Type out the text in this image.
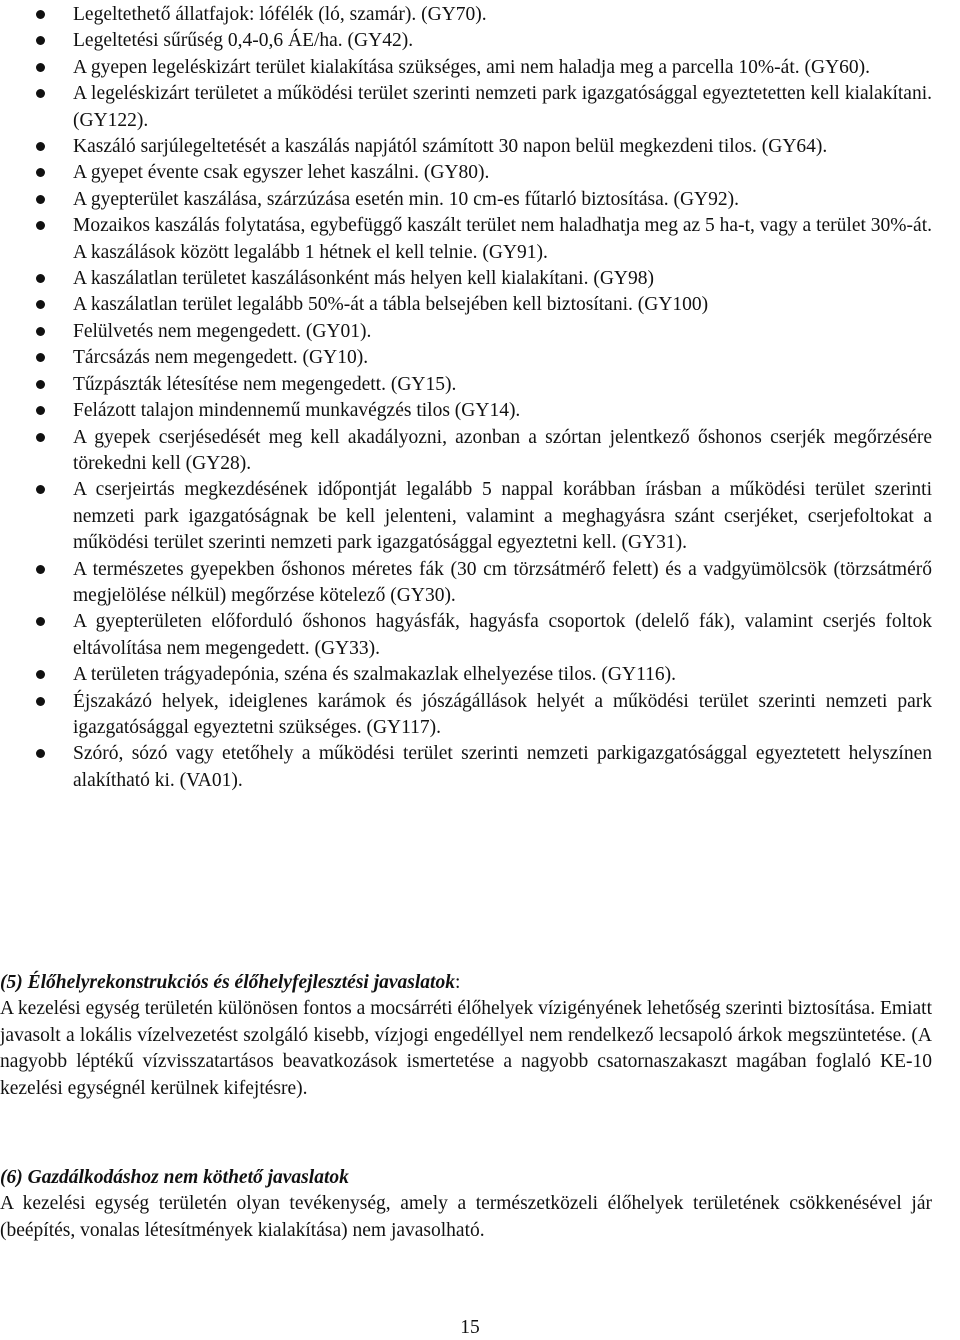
Legeltethető állatfajok: lófélék (ló, szamár). (GY70).
Legeltetési sűrűség 0,4-0,6 ÁE/ha. (GY42).
A gyepen legeléskizárt terület kialakítása szükséges, ami nem haladja meg a parcella 10%-át. (GY60).
A legeléskizárt területet a működési terület szerinti nemzeti park igazgatósággal egyeztetetten kell kialakítani. (GY122).
Kaszáló sarjúlegeltetését a kaszálás napjától számított 30 napon belül megkezdeni tilos. (GY64).
A gyepet évente csak egyszer lehet kaszálni. (GY80).
A gyepterület kaszálása, szárzúzása esetén min. 10 cm-es fűtarló biztosítása. (GY92).
Mozaikos kaszálás folytatása, egybefüggő kaszált terület nem haladhatja meg az 5 ha-t, vagy a terület 30%-át. A kaszálások között legalább 1 hétnek el kell telnie. (GY91).
A kaszálatlan területet kaszálásonként más helyen kell kialakítani. (GY98)
A kaszálatlan terület legalább 50%-át a tábla belsejében kell biztosítani. (GY100)
Felülvetés nem megengedett. (GY01).
Tárcsázás nem megengedett. (GY10).
Tűzpászták létesítése nem megengedett. (GY15).
Felázott talajon mindennemű munkavégzés tilos (GY14).
A gyepek cserjésedését meg kell akadályozni, azonban a szórtan jelentkező őshonos cserjék megőrzésére törekedni kell (GY28).
A cserjeirtás megkezdésének időpontját legalább 5 nappal korábban írásban a működési terület szerinti nemzeti park igazgatóságnak be kell jelenteni, valamint a meghagyásra szánt cserjéket, cserjefoltokat a működési terület szerinti nemzeti park igazgatósággal egyeztetni kell. (GY31).
A természetes gyepekben őshonos méretes fák (30 cm törzsátmérő felett) és a vadgyümölcsök (törzsátmérő megjelölése nélkül) megőrzése kötelező (GY30).
A gyepterületen előforduló őshonos hagyásfák, hagyásfa csoportok (delelő fák), valamint cserjés foltok eltávolítása nem megengedett. (GY33).
A területen trágyadepónia, széna és szalmakazlak elhelyezése tilos. (GY116).
Éjszakázó helyek, ideiglenes karámok és jószágállások helyét a működési terület szerinti nemzeti park igazgatósággal egyeztetni szükséges. (GY117).
Szóró, sózó vagy etetőhely a működési terület szerinti nemzeti parkigazgatósággal egyeztetett helyszínen alakítható ki. (VA01).
(5) Élőhelyrekonstrukciós és élőhelyfejlesztési javaslatok:
A kezelési egység területén különösen fontos a mocsárréti élőhelyek vízigényének lehetőség szerinti biztosítása. Emiatt javasolt a lokális vízelvezetést szolgáló kisebb, vízjogi engedéllyel nem rendelkező lecsapoló árkok megszüntetése. (A nagyobb léptékű vízvisszatartásos beavatkozások ismertetése a nagyobb csatornaszakaszt magában foglaló KE-10 kezelési egységnél kerülnek kifejtésre).
(6) Gazdálkodáshoz nem köthető javaslatok
A kezelési egység területén olyan tevékenység, amely a természetközeli élőhelyek területének csökkenésével jár (beépítés, vonalas létesítmények kialakítása) nem javasolható.
15
